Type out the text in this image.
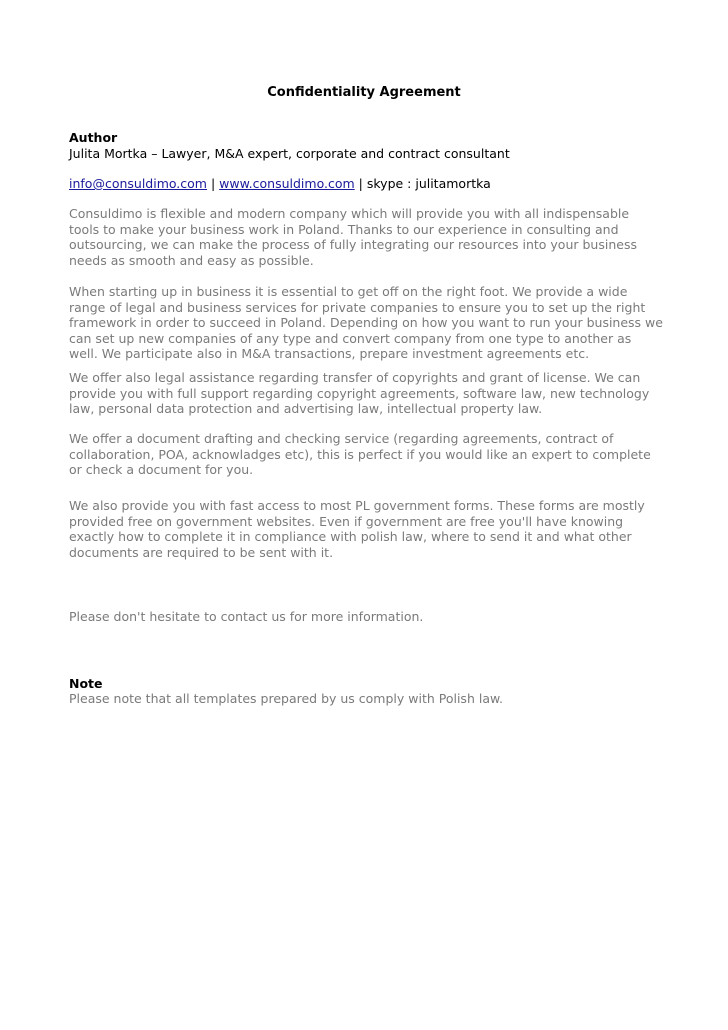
Confidentiality Agreement
Author
Julita Mortka – Lawyer, M&A expert, corporate and contract consultant
info@consuldimo.com | www.consuldimo.com | skype : julitamortka

Consuldimo is flexible and modern company which will provide you with all indispensable tools to make your business work in Poland. Thanks to our experience in consulting and outsourcing, we can make the process of fully integrating our resources into your business needs as smooth and easy as possible.

When starting up in business it is essential to get off on the right foot. We provide a wide range of legal and business services for private companies to ensure you to set up the right framework in order to succeed in Poland. Depending on how you want to run your business we can set up new companies of any type and convert company from one type to another as well. We participate also in M&A transactions, prepare investment agreements etc.

We offer also legal assistance regarding transfer of copyrights and grant of license. We can provide you with full support regarding copyright agreements, software law, new technology law, personal data protection and advertising law, intellectual property law.

We offer a document drafting and checking service (regarding agreements, contract of collaboration, POA, acknowladges etc), this is perfect if you would like an expert to complete or check a document for you.

We also provide you with fast access to most PL government forms. These forms are mostly provided free on government websites. Even if government are free you'll have knowing exactly how to complete it in compliance with polish law, where to send it and what other documents are required to be sent with it.

Please don't hesitate to contact us for more information.

Note
Please note that all templates prepared by us comply with Polish law.
